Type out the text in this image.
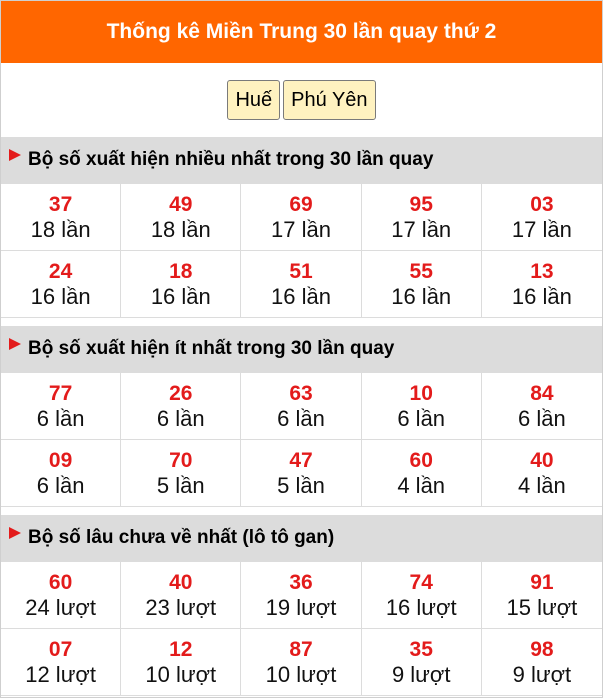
Thống kê Miền Trung 30 lần quay thứ 2
Huế Phú Yên
Bộ số xuất hiện nhiều nhất trong 30 lần quay
37
18 lần
49
18 lần
69
17 lần
95
17 lần
03
17 lần
24
16 lần
18
16 lần
51
16 lần
55
16 lần
13
16 lần
Bộ số xuất hiện ít nhất trong 30 lần quay
77
6 lần
26
6 lần
63
6 lần
10
6 lần
84
6 lần
09
6 lần
70
5 lần
47
5 lần
60
4 lần
40
4 lần
Bộ số lâu chưa về nhất ( lô tô gan )
60
24 lượt
40
23 lượt
36
19 lượt
74
16 lượt
91
15 lượt
07
12 lượt
12
10 lượt
87
10 lượt
35
9 lượt
98
9 lượt
